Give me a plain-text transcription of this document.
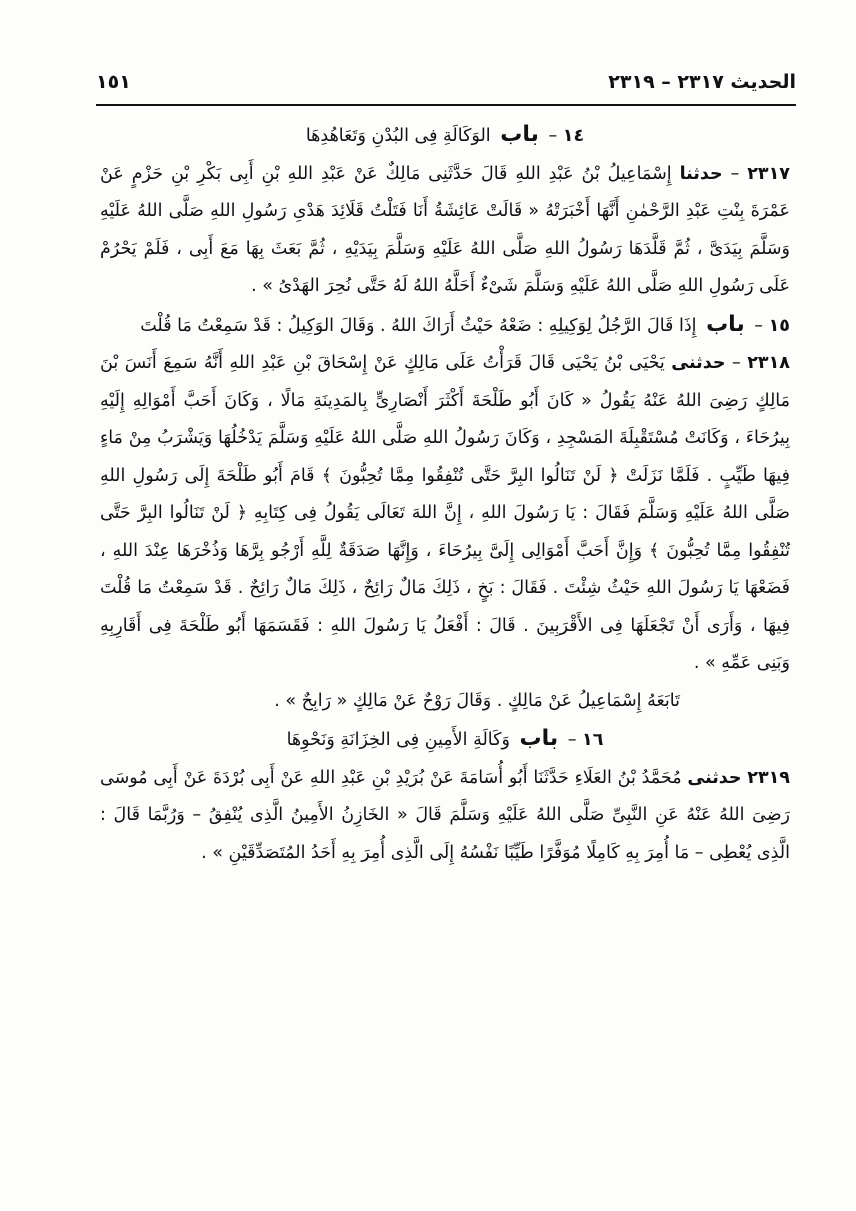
الحديث ٢٣١٧ – ٢٣١٩
١٥١

١٤ – باب الوَكَالَةِ فِى البُدْنِ وَتَعَاهُدِهَا

٢٣١٧ – حدثنا إِسْمَاعِيلُ بْنُ عَبْدِ اللهِ قَالَ حَدَّثَنِى مَالِكٌ عَنْ عَبْدِ اللهِ بْنِ أَبِى بَكْرِ بْنِ حَزْمٍ عَنْ عَمْرَةَ بِنْتِ عَبْدِ الرَّحْمٰنِ أَنَّهَا أَخْبَرَتْهُ « قَالَتْ عَائِشَةُ أَنَا فَتَلْتُ قَلَائِدَ هَدْىِ رَسُولِ اللهِ صَلَّى اللهُ عَلَيْهِ وَسَلَّمَ بِيَدَىَّ ، ثُمَّ قَلَّدَهَا رَسُولُ اللهِ صَلَّى اللهُ عَلَيْهِ وَسَلَّمَ بِيَدَيْهِ ، ثُمَّ بَعَثَ بِهَا مَعَ أَبِى ، فَلَمْ يَحْرُمْ عَلَى رَسُولِ اللهِ صَلَّى اللهُ عَلَيْهِ وَسَلَّمَ شَىْءٌ أَحَلَّهُ اللهُ لَهُ حَتَّى نُحِرَ الهَدْىُ » .

١٥ – باب إِذَا قَالَ الرَّجُلُ لِوَكِيلِهِ : ضَعْهُ حَيْثُ أَرَاكَ اللهُ . وَقَالَ الوَكِيلُ : قَدْ سَمِعْتُ مَا قُلْتَ

٢٣١٨ – حدثنى يَحْيَى بْنُ يَحْيَى قَالَ قَرَأْتُ عَلَى مَالِكٍ عَنْ إِسْحَاقَ بْنِ عَبْدِ اللهِ أَنَّهُ سَمِعَ أَنَسَ بْنَ مَالِكٍ رَضِىَ اللهُ عَنْهُ يَقُولُ « كَانَ أَبُو طَلْحَةَ أَكْثَرَ أَنْصَارِىٍّ بِالمَدِينَةِ مَالًا ، وَكَانَ أَحَبَّ أَمْوَالِهِ إِلَيْهِ بِيرُحَاءَ ، وَكَانَتْ مُسْتَقْبِلَةَ المَسْجِدِ ، وَكَانَ رَسُولُ اللهِ صَلَّى اللهُ عَلَيْهِ وَسَلَّمَ يَدْخُلُهَا وَيَشْرَبُ مِنْ مَاءٍ فِيهَا طَيِّبٍ . فَلَمَّا نَزَلَتْ ﴿ لَنْ تَنَالُوا البِرَّ حَتَّى تُنْفِقُوا مِمَّا تُحِبُّونَ ﴾ قَامَ أَبُو طَلْحَةَ إِلَى رَسُولِ اللهِ صَلَّى اللهُ عَلَيْهِ وَسَلَّمَ فَقَالَ : يَا رَسُولَ اللهِ ، إِنَّ اللهَ تَعَالَى يَقُولُ فِى كِتَابِهِ ﴿ لَنْ تَنَالُوا البِرَّ حَتَّى تُنْفِقُوا مِمَّا تُحِبُّونَ ﴾ وَإِنَّ أَحَبَّ أَمْوَالِى إِلَىَّ بِيرُحَاءَ ، وَإِنَّهَا صَدَقَةٌ لِلَّهِ أَرْجُو بِرَّهَا وَذُخْرَهَا عِنْدَ اللهِ ، فَضَعْهَا يَا رَسُولَ اللهِ حَيْثُ شِئْتَ . فَقَالَ : بَخٍ ، ذَلِكَ مَالٌ رَائِحٌ ، ذَلِكَ مَالٌ رَائِحٌ . قَدْ سَمِعْتُ مَا قُلْتَ فِيهَا ، وَأَرَى أَنْ تَجْعَلَهَا فِى الأَقْرَبِينَ . قَالَ : أَفْعَلُ يَا رَسُولَ اللهِ : فَقَسَمَهَا أَبُو طَلْحَةَ فِى أَقَارِبِهِ وَبَنِى عَمِّهِ » .

تَابَعَهُ إِسْمَاعِيلُ عَنْ مَالِكٍ . وَقَالَ رَوْحٌ عَنْ مَالِكٍ « رَابِحٌ » .

١٦ – باب وَكَالَةِ الأَمِينِ فِى الخِزَانَةِ وَنَحْوِهَا

٢٣١٩ حدثنى مُحَمَّدُ بْنُ العَلَاءِ حَدَّثَنَا أَبُو أُسَامَةَ عَنْ بُرَيْدِ بْنِ عَبْدِ اللهِ عَنْ أَبِى بُرْدَةَ عَنْ أَبِى مُوسَى رَضِىَ اللهُ عَنْهُ عَنِ النَّبِىِّ صَلَّى اللهُ عَلَيْهِ وَسَلَّمَ قَالَ « الخَازِنُ الأَمِينُ الَّذِى يُنْفِقُ – وَرُبَّمَا قَالَ : الَّذِى يُعْطِى – مَا أُمِرَ بِهِ كَامِلًا مُوَفَّرًا طَيِّبًا نَفْسُهُ إِلَى الَّذِى أُمِرَ بِهِ أَحَدُ المُتَصَدِّقَيْنِ » .
